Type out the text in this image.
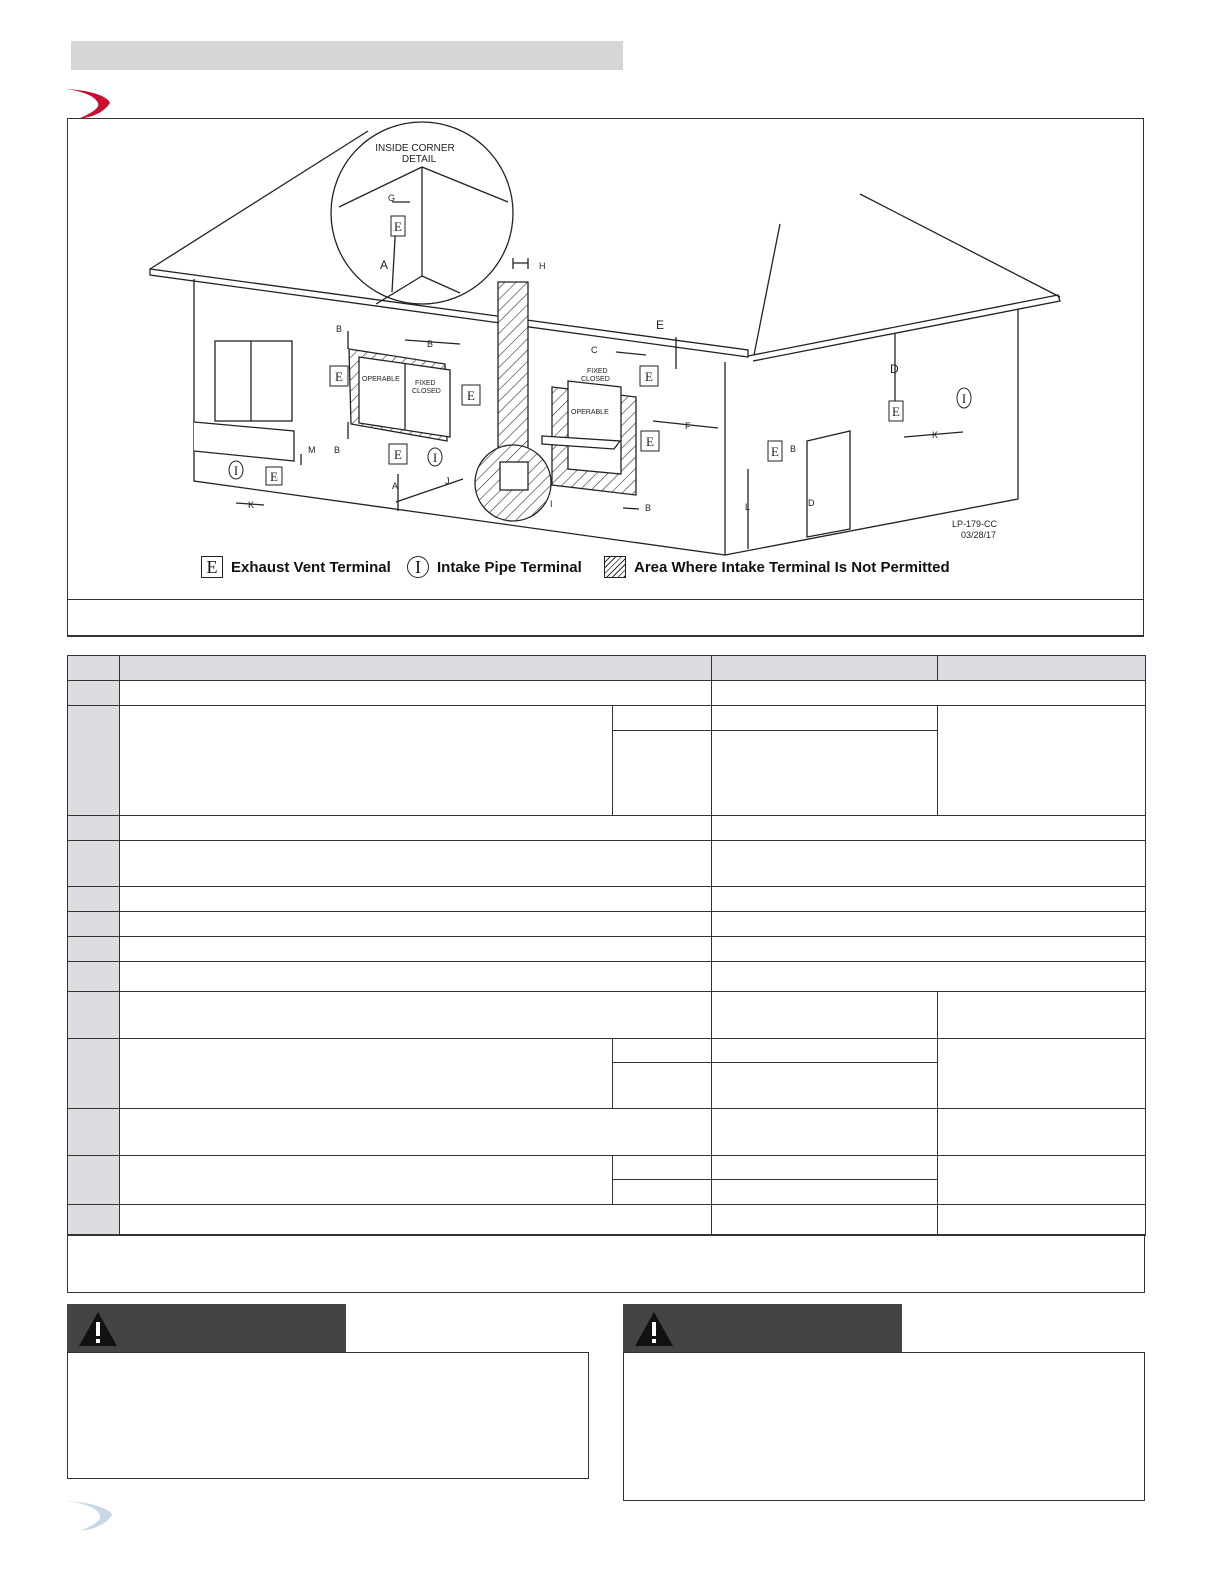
E
E
E
E
E
E
E
E
E
I
I
I
INSIDE CORNER
DETAIL
OPERABLE
FIXED
CLOSED
FIXED
CLOSED
OPERABLE
G
A	H
B
B
C
E
D
F
K
M B
A	J
K	I	B
B
D
L
LP-179-CC
03/28/17
E Exhaust Vent Terminal	I	Intake Pipe Terminal	Area Where Intake Terminal Is Not Permitted
